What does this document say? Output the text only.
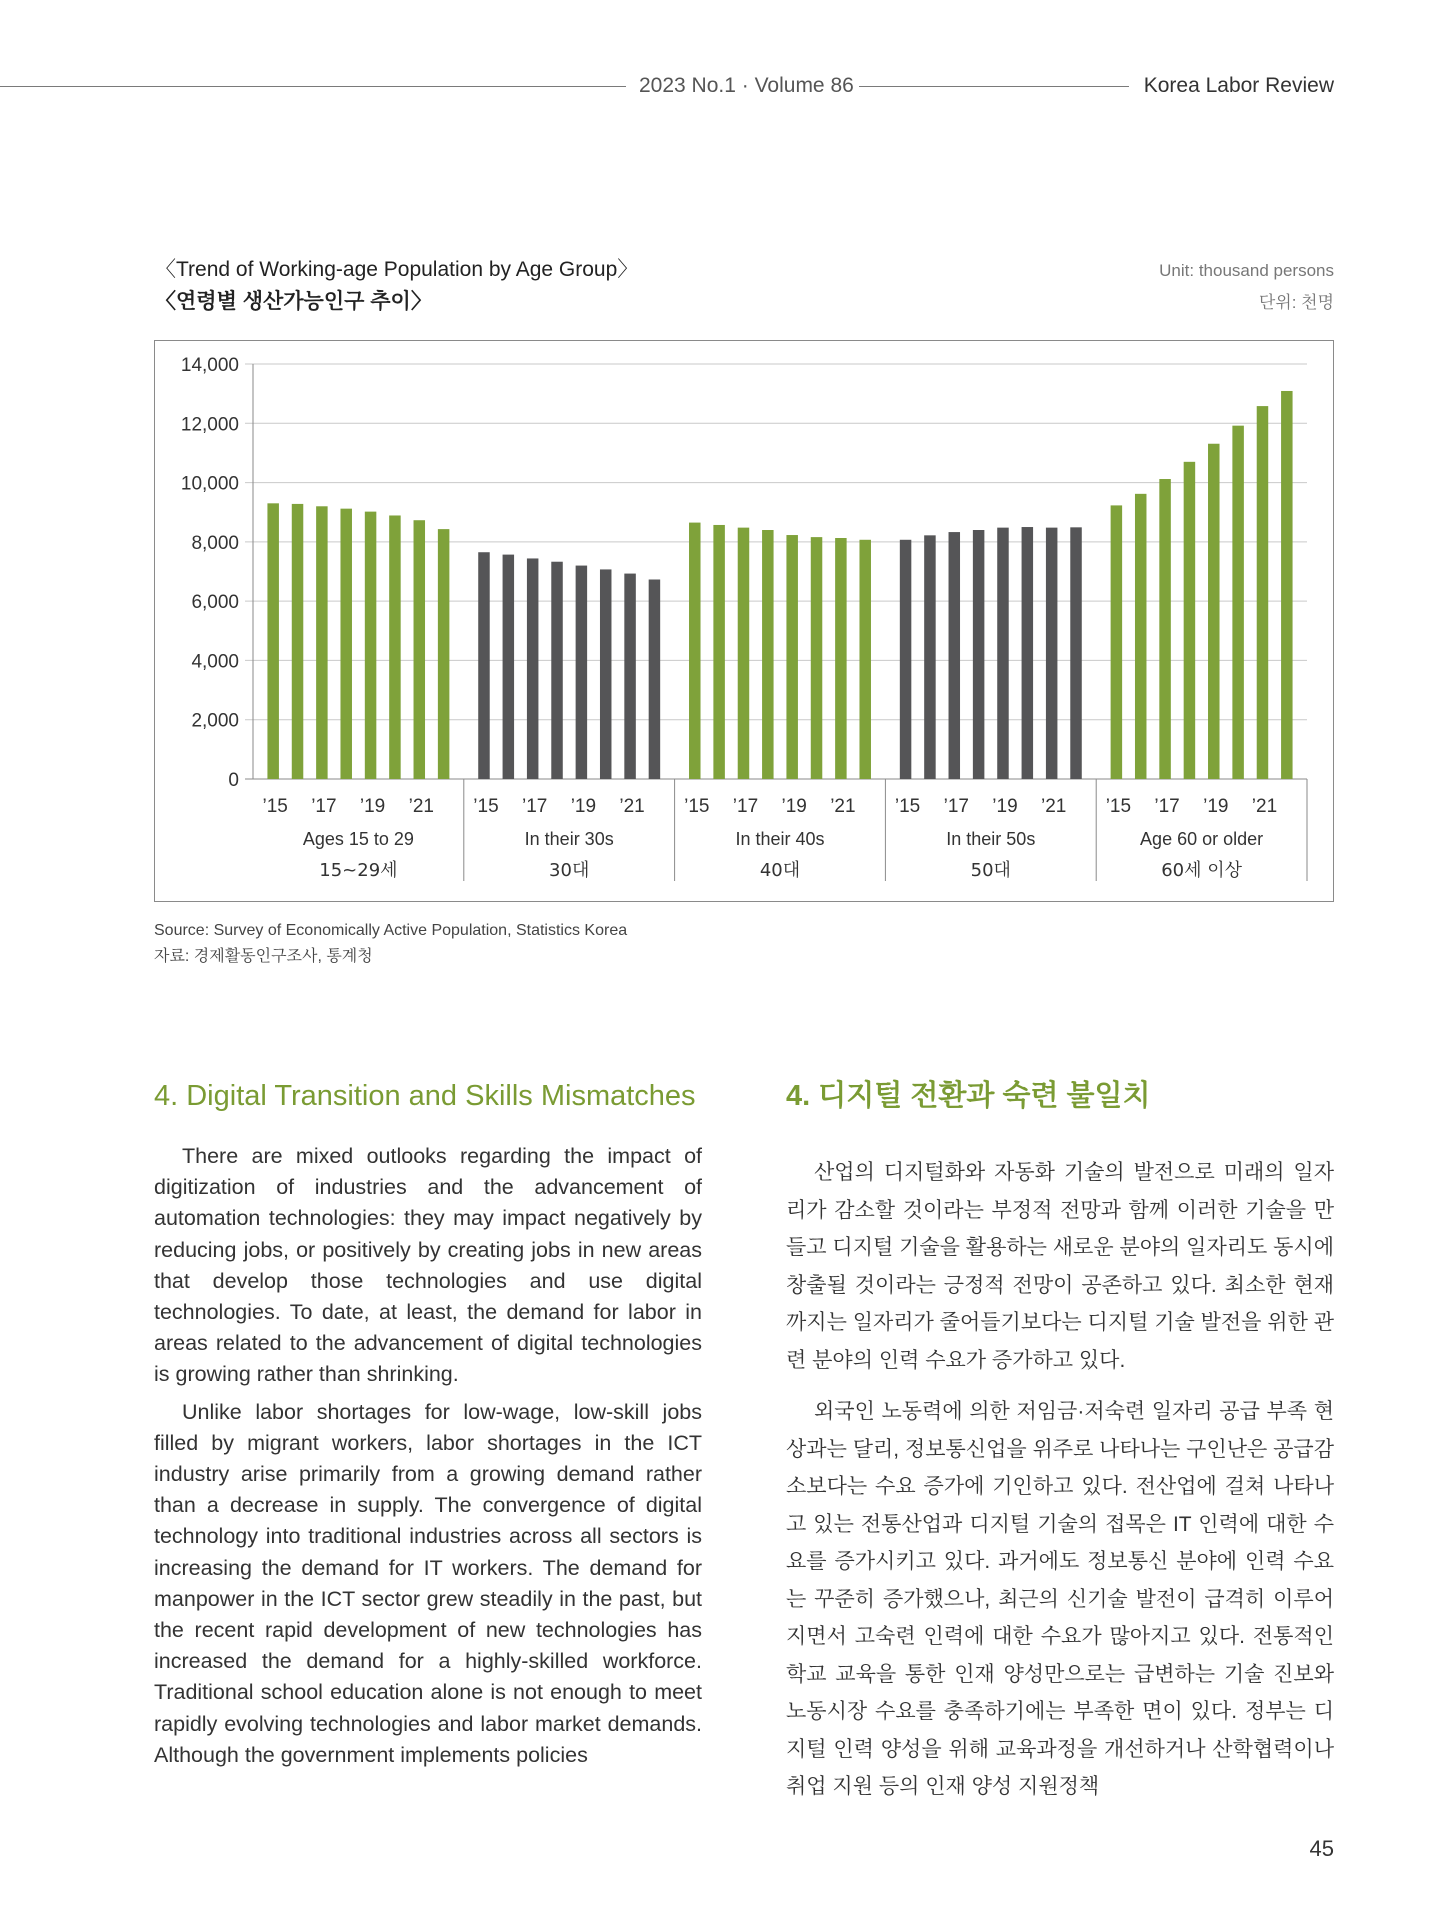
2023 No.1 · Volume 86	Korea Labor Review
〈Trend of Working-age Population by Age Group〉
〈연령별 생산가능인구 추이〉
Unit: thousand persons
단위: 천명
0
2,000
4,000
6,000
8,000
10,000
12,000
14,000
’15 ’17 ’19 ’21
Ages 15 to 29
15~29세
’15 ’17 ’19 ’21
In their 30s
30대
’15 ’17 ’19 ’21
In their 40s
40대
’15 ’17 ’19 ’21
In their 50s
50대
’15 ’17 ’19 ’21
Age 60 or older
60세 이상
Source: Survey of Economically Active Population, Statistics Korea
자료: 경제활동인구조사, 통계청
4. Digital Transition and Skills Mismatches	4. 디지털 전환과 숙련 불일치

There are mixed outlooks regarding the impact of digitization of industries and the advancement of automation technologies: they may impact negatively by reducing jobs, or positively by creating jobs in new areas that develop those technologies and use digital technologies. To date, at least, the demand for labor in areas related to the advancement of digital technologies is growing rather than shrinking.

Unlike labor shortages for low-wage, low-skill jobs filled by migrant workers, labor shortages in the ICT industry arise primarily from a growing demand rather than a decrease in supply. The convergence of digital technology into traditional industries across all sectors is increasing the demand for IT workers. The demand for manpower in the ICT sector grew steadily in the past, but the recent rapid development of new technologies has increased the demand for a highly-skilled workforce. Traditional school education alone is not enough to meet rapidly evolving technologies and labor market demands. Although the government implements policies

산업의 디지털화와 자동화 기술의 발전으로 미래의 일자리가 감소할 것이라는 부정적 전망과 함께 이러한 기술을 만들고 디지털 기술을 활용하는 새로운 분야의 일자리도 동시에 창출될 것이라는 긍정적 전망이 공존하고 있다. 최소한 현재까지는 일자리가 줄어들기보다는 디지털 기술 발전을 위한 관련 분야의 인력 수요가 증가하고 있다.

외국인 노동력에 의한 저임금·저숙련 일자리 공급 부족 현상과는 달리, 정보통신업을 위주로 나타나는 구인난은 공급감소보다는 수요 증가에 기인하고 있다. 전산업에 걸쳐 나타나고 있는 전통산업과 디지털 기술의 접목은 IT 인력에 대한 수요를 증가시키고 있다. 과거에도 정보통신 분야에 인력 수요는 꾸준히 증가했으나, 최근의 신기술 발전이 급격히 이루어지면서 고숙련 인력에 대한 수요가 많아지고 있다. 전통적인 학교 교육을 통한 인재 양성만으로는 급변하는 기술 진보와 노동시장 수요를 충족하기에는 부족한 면이 있다. 정부는 디지털 인력 양성을 위해 교육과정을 개선하거나 산학협력이나 취업 지원 등의 인재 양성 지원정책

45
